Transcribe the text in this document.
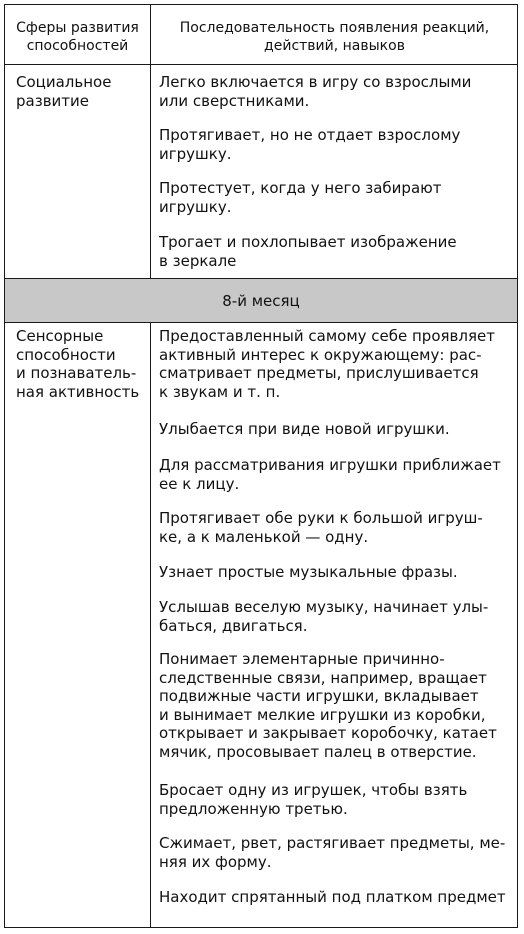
Сферы развития
способностей
Последовательность появления реакций,
действий, навыков
Социальное
развитие
Легко включается в игру со взрослыми
или сверстниками.
Протягивает, но не отдает взрослому
игрушку.
Протестует, когда у него забирают
игрушку.
Трогает и похлопывает изображение
в зеркале
8-й месяц
Сенсорные
способности
и познаватель-
ная активность
Предоставленный самому себе проявляет
активный интерес к окружающему: рас-
сматривает предметы, прислушивается
к звукам и т. п.
Улыбается при виде новой игрушки.
Для рассматривания игрушки приближает
ее к лицу.
Протягивает обе руки к большой игруш-
ке, а к маленькой — одну.
Узнает простые музыкальные фразы.
Услышав веселую музыку, начинает улы-
баться, двигаться.
Понимает элементарные причинно-
следственные связи, например, вращает
подвижные части игрушки, вкладывает
и вынимает мелкие игрушки из коробки,
открывает и закрывает коробочку, катает
мячик, просовывает палец в отверстие.
Бросает одну из игрушек, чтобы взять
предложенную третью.
Сжимает, рвет, растягивает предметы, ме-
няя их форму.
Находит спрятанный под платком предмет
